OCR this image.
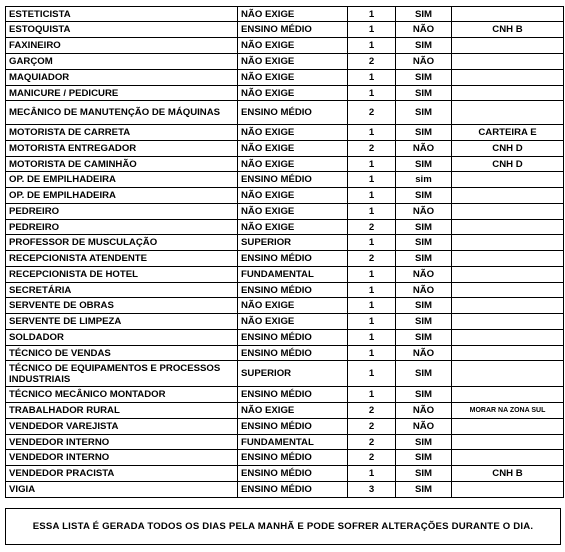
ESTETICISTA	NÃO EXIGE	1	SIM	
ESTOQUISTA	ENSINO MÉDIO	1	NÃO	CNH B
FAXINEIRO	NÃO EXIGE	1	SIM	
GARÇOM	NÃO EXIGE	2	NÃO	
MAQUIADOR	NÃO EXIGE	1	SIM	
MANICURE / PEDICURE	NÃO EXIGE	1	SIM	
MECÂNICO DE MANUTENÇÃO DE MÁQUINAS	ENSINO MÉDIO	2	SIM	
MOTORISTA DE CARRETA	NÃO EXIGE	1	SIM	CARTEIRA E
MOTORISTA ENTREGADOR	NÃO EXIGE	2	NÃO	CNH D
MOTORISTA DE CAMINHÃO	NÃO EXIGE	1	SIM	CNH D
OP. DE EMPILHADEIRA	ENSINO MÉDIO	1	sim	
OP. DE EMPILHADEIRA	NÃO EXIGE	1	SIM	
PEDREIRO	NÃO EXIGE	1	NÃO	
PEDREIRO	NÃO EXIGE	2	SIM	
PROFESSOR DE MUSCULAÇÃO	SUPERIOR	1	SIM	
RECEPCIONISTA ATENDENTE	ENSINO MÉDIO	2	SIM	
RECEPCIONISTA DE HOTEL	FUNDAMENTAL	1	NÃO	
SECRETÁRIA	ENSINO MÉDIO	1	NÃO	
SERVENTE DE OBRAS	NÃO EXIGE	1	SIM	
SERVENTE DE LIMPEZA	NÃO EXIGE	1	SIM	
SOLDADOR	ENSINO MÉDIO	1	SIM	
TÉCNICO DE VENDAS	ENSINO MÉDIO	1	NÃO	
TÉCNICO DE EQUIPAMENTOS E PROCESSOS INDUSTRIAIS	SUPERIOR	1	SIM	
TÉCNICO MECÂNICO MONTADOR	ENSINO MÉDIO	1	SIM	
TRABALHADOR RURAL	NÃO EXIGE	2	NÃO	MORAR NA ZONA SUL
VENDEDOR VAREJISTA	ENSINO MÉDIO	2	NÃO	
VENDEDOR INTERNO	FUNDAMENTAL	2	SIM	
VENDEDOR INTERNO	ENSINO MÉDIO	2	SIM	
VENDEDOR PRACISTA	ENSINO MÉDIO	1	SIM	CNH B
VIGIA	ENSINO MÉDIO	3	SIM	
ESSA LISTA É GERADA TODOS OS DIAS PELA MANHÃ E PODE SOFRER ALTERAÇÕES DURANTE O DIA.
